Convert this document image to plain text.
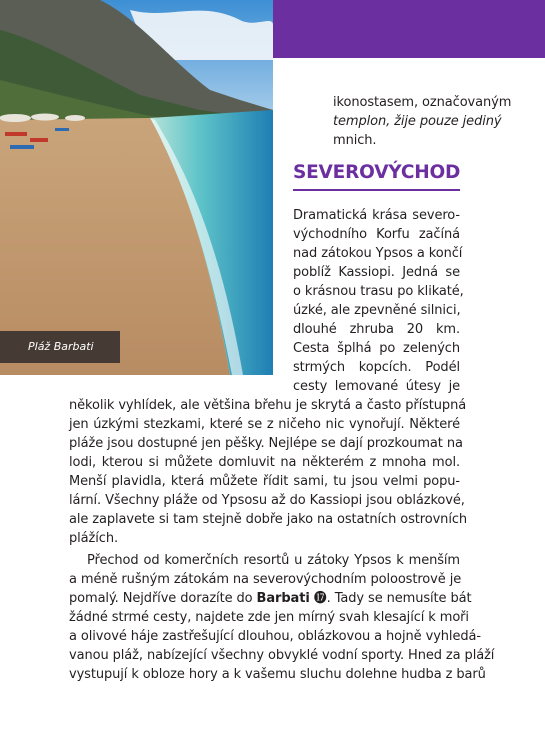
Pláž Barbati
ikonostasem, označovaným
templon, žije pouze jediný
mnich.
SEVEROVÝCHOD
Dramatická krása severo-
východního Korfu začíná
nad zátokou Ypsos a končí
poblíž Kassiopi. Jedná se
o krásnou trasu po klikaté,
úzké, ale zpevněné silnici,
dlouhé zhruba 20 km.
Cesta šplhá po zelených
strmých kopcích. Podél
cesty lemované útesy je
několik vyhlídek, ale většina břehu je skrytá a často přístupná
jen úzkými stezkami, které se z ničeho nic vynořují. Některé
pláže jsou dostupné jen pěšky. Nejlépe se dají prozkoumat na
lodi, kterou si můžete domluvit na některém z mnoha mol.
Menší plavidla, která můžete řídit sami, tu jsou velmi popu-
lární. Všechny pláže od Ypsosu až do Kassiopi jsou oblázkové,
ale zaplavete si tam stejně dobře jako na ostatních ostrovních
plážích.
Přechod od komerčních resortů u zátoky Ypsos k menším
a méně rušným zátokám na severovýchodním poloostrově je
pomalý. Nejdříve dorazíte do Barbati ⓱. Tady se nemusíte bát
žádné strmé cesty, najdete zde jen mírný svah klesající k moři
a olivové háje zastřešující dlouhou, oblázkovou a hojně vyhledá-
vanou pláž, nabízející všechny obvyklé vodní sporty. Hned za pláží
vystupují k obloze hory a k vašemu sluchu dolehne hudba z barů
